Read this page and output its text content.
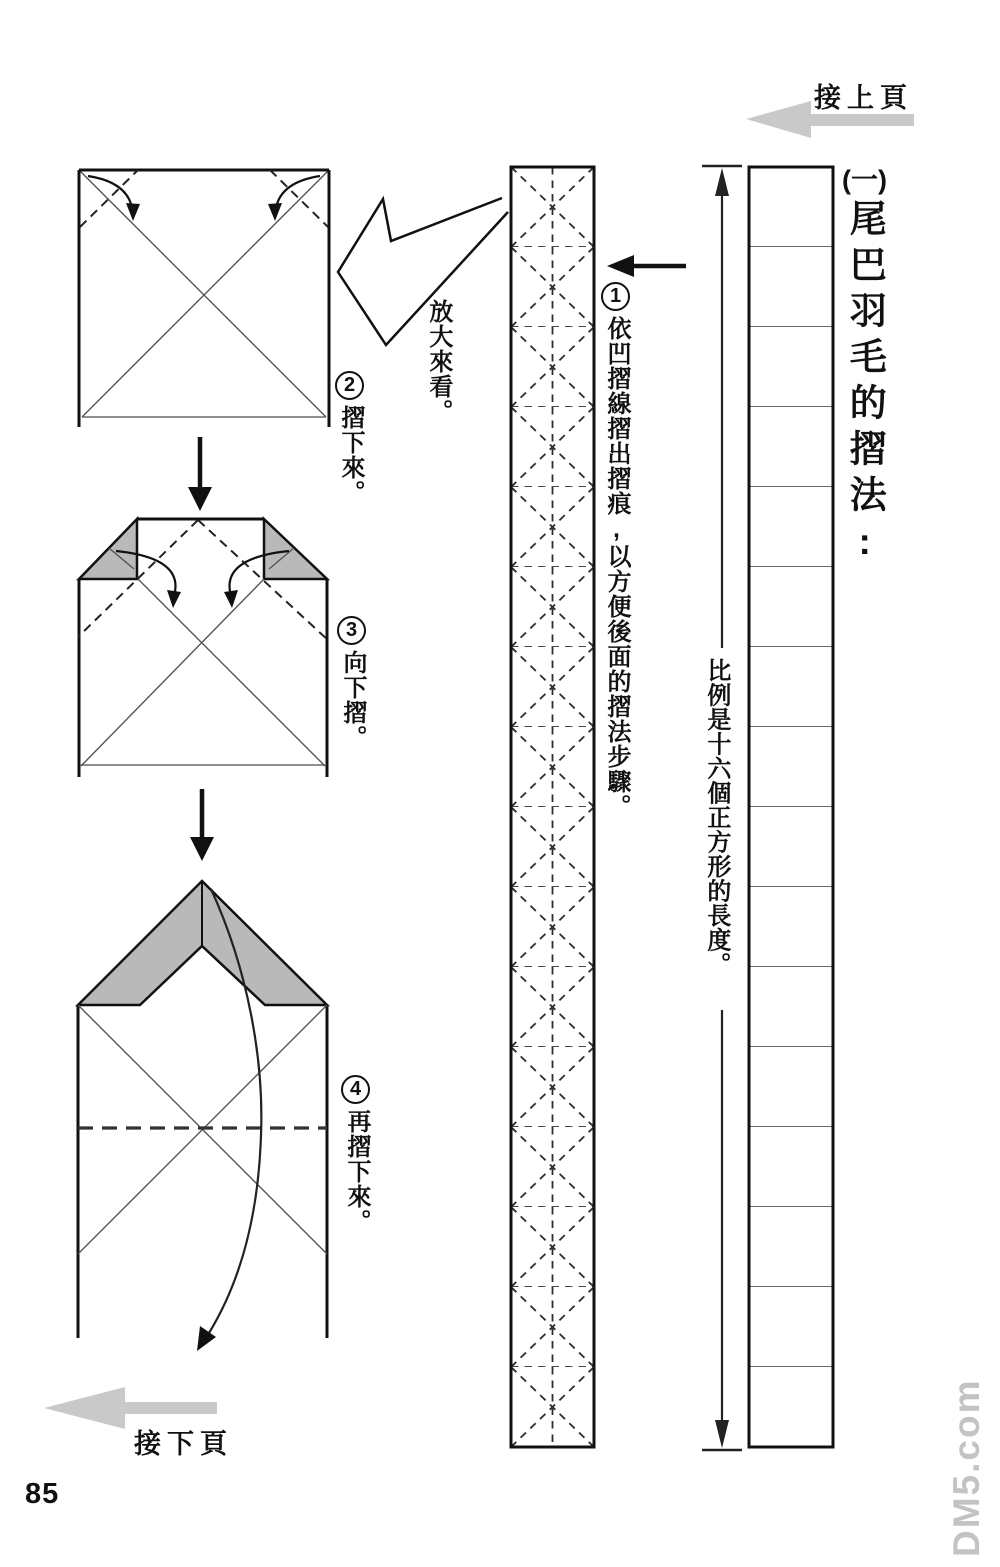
接上頁
(一)
尾巴羽毛的摺法:
比例是十六個正方形的長度。
1
依凹摺線摺出摺痕,以方便後面的摺法步驟。
放大來看。
2
摺下來。
3
向下摺。
4
再摺下來。
接下頁
85	DM5.com
